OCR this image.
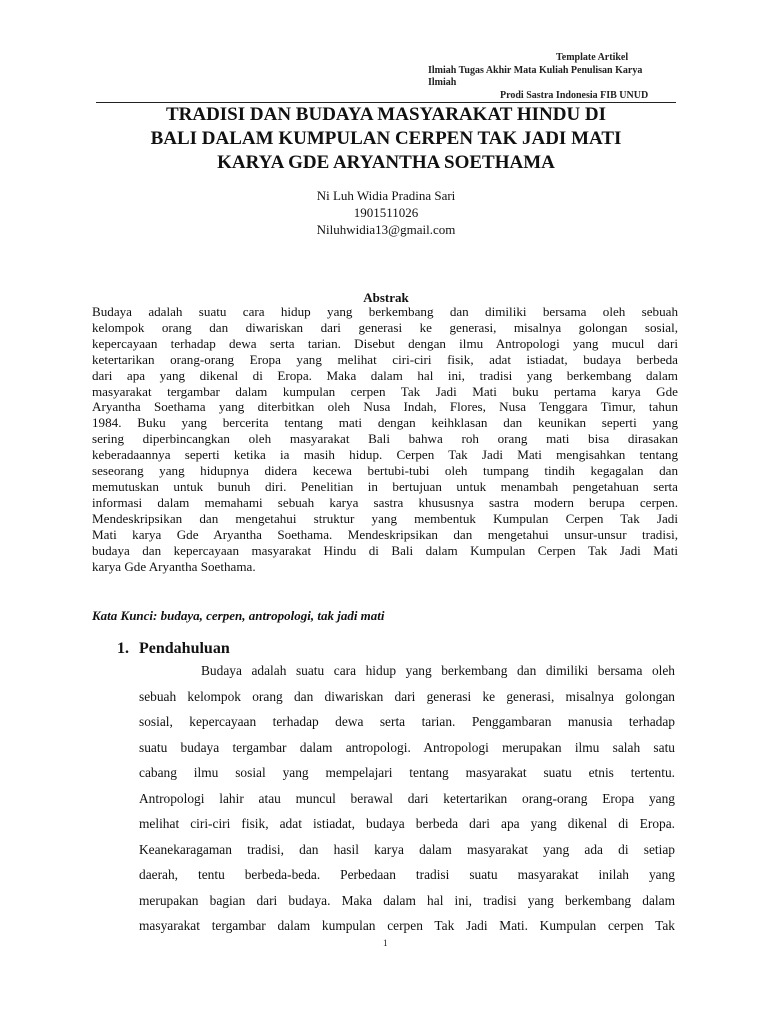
Template Artikel
Ilmiah Tugas Akhir Mata Kuliah Penulisan Karya
Ilmiah
Prodi Sastra Indonesia FIB UNUD
TRADISI DAN BUDAYA MASYARAKAT HINDU DI
BALI DALAM KUMPULAN CERPEN TAK JADI MATI
KARYA GDE ARYANTHA SOETHAMA
Ni Luh Widia Pradina Sari
1901511026
Niluhwidia13@gmail.com
Abstrak
Budaya adalah suatu cara hidup yang berkembang dan dimiliki bersama oleh sebuah
kelompok orang dan diwariskan dari generasi ke generasi, misalnya golongan sosial,
kepercayaan terhadap dewa serta tarian. Disebut dengan ilmu Antropologi yang mucul dari
ketertarikan orang-orang Eropa yang melihat ciri-ciri fisik, adat istiadat, budaya berbeda
dari apa yang dikenal di Eropa. Maka dalam hal ini, tradisi yang berkembang dalam
masyarakat tergambar dalam kumpulan cerpen Tak Jadi Mati buku pertama karya Gde
Aryantha Soethama yang diterbitkan oleh Nusa Indah, Flores, Nusa Tenggara Timur, tahun
1984. Buku yang bercerita tentang mati dengan keihklasan dan keunikan seperti yang
sering diperbincangkan oleh masyarakat Bali bahwa roh orang mati bisa dirasakan
keberadaannya seperti ketika ia masih hidup. Cerpen Tak Jadi Mati mengisahkan tentang
seseorang yang hidupnya didera kecewa bertubi-tubi oleh tumpang tindih kegagalan dan
memutuskan untuk bunuh diri. Penelitian in bertujuan untuk menambah pengetahuan serta
informasi dalam memahami sebuah karya sastra khususnya sastra modern berupa cerpen.
Mendeskripsikan dan mengetahui struktur yang membentuk Kumpulan Cerpen Tak Jadi
Mati karya Gde Aryantha Soethama. Mendeskripsikan dan mengetahui unsur-unsur tradisi,
budaya dan kepercayaan masyarakat Hindu di Bali dalam Kumpulan Cerpen Tak Jadi Mati
karya Gde Aryantha Soethama.
Kata Kunci: budaya, cerpen, antropologi, tak jadi mati
1. Pendahuluan
Budaya adalah suatu cara hidup yang berkembang dan dimiliki bersama oleh
sebuah kelompok orang dan diwariskan dari generasi ke generasi, misalnya golongan
sosial, kepercayaan terhadap dewa serta tarian. Penggambaran manusia terhadap
suatu budaya tergambar dalam antropologi. Antropologi merupakan ilmu salah satu
cabang ilmu sosial yang mempelajari tentang masyarakat suatu etnis tertentu.
Antropologi lahir atau muncul berawal dari ketertarikan orang-orang Eropa yang
melihat ciri-ciri fisik, adat istiadat, budaya berbeda dari apa yang dikenal di Eropa.
Keanekaragaman tradisi, dan hasil karya dalam masyarakat yang ada di setiap
daerah, tentu berbeda-beda. Perbedaan tradisi suatu masyarakat inilah yang
merupakan bagian dari budaya. Maka dalam hal ini, tradisi yang berkembang dalam
masyarakat tergambar dalam kumpulan cerpen Tak Jadi Mati. Kumpulan cerpen Tak
1
